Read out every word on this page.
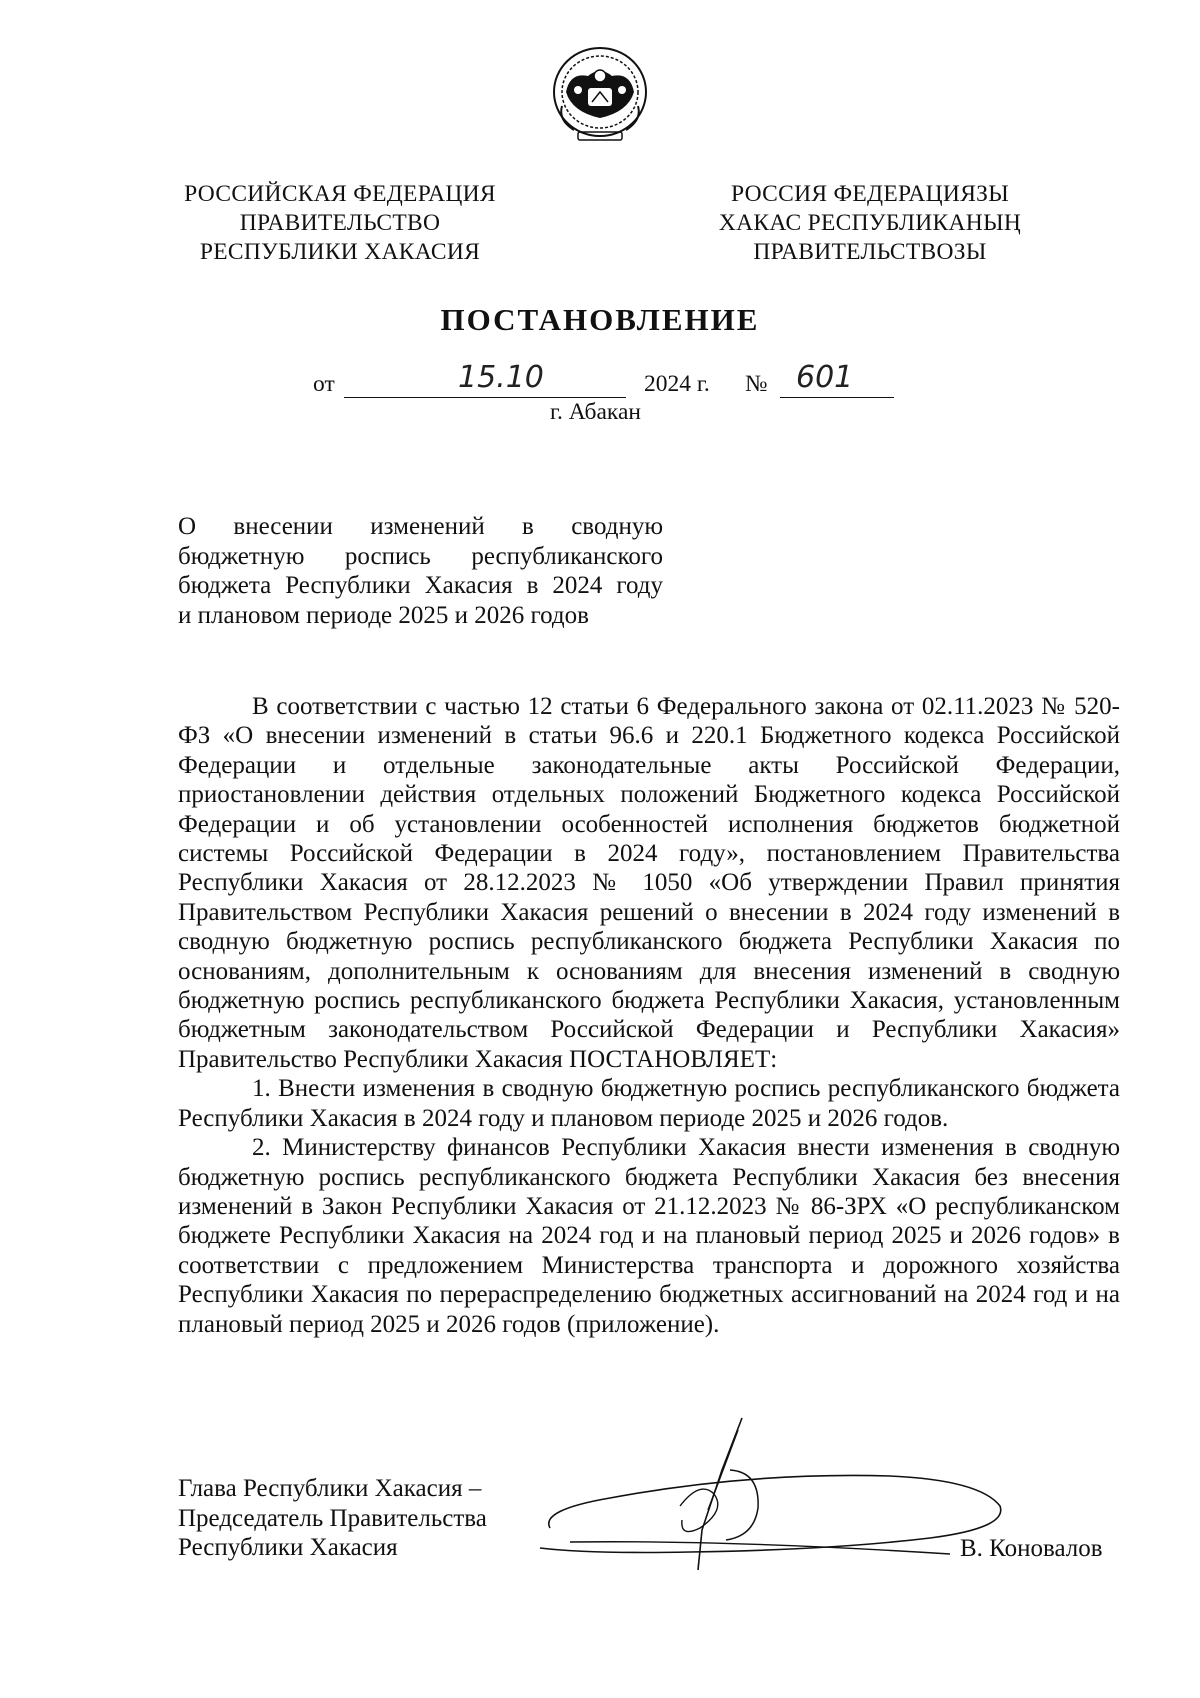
РОССИЙСКАЯ ФЕДЕРАЦИЯ
ПРАВИТЕЛЬСТВО
РЕСПУБЛИКИ ХАКАСИЯ
РОССИЯ ФЕДЕРАЦИЯЗЫ
ХАКАС РЕСПУБЛИКАНЫҢ
ПРАВИТЕЛЬСТВОЗЫ
ПОСТАНОВЛЕНИЕ
от	15.10	2024 г. № 601
г. Абакан
О внесении изменений в сводную
бюджетную роспись республиканского
бюджета Республики Хакасия в 2024 году
и плановом периоде 2025 и 2026 годов

В соответствии с частью 12 статьи 6 Федерального закона от 02.11.2023 № 520-ФЗ «О внесении изменений в статьи 96.6 и 220.1 Бюджетного кодекса Российской Федерации и отдельные законодательные акты Российской Федерации, приостановлении действия отдельных положений Бюджетного кодекса Российской Федерации и об установлении особенностей исполнения бюджетов бюджетной системы Российской Федерации в 2024 году», постановлением Правительства Республики Хакасия от 28.12.2023 № 1050 «Об утверждении Правил принятия Правительством Республики Хакасия решений о внесении в 2024 году изменений в сводную бюджетную роспись республиканского бюджета Республики Хакасия по основаниям, дополнительным к основаниям для внесения изменений в сводную бюджетную роспись республиканского бюджета Республики Хакасия, установленным бюджетным законодательством Российской Федерации и Республики Хакасия» Правительство Республики Хакасия ПОСТАНОВЛЯЕТ:

1. Внести изменения в сводную бюджетную роспись республиканского бюджета Республики Хакасия в 2024 году и плановом периоде 2025 и 2026 годов.

2. Министерству финансов Республики Хакасия внести изменения в сводную бюджетную роспись республиканского бюджета Республики Хакасия без внесения изменений в Закон Республики Хакасия от 21.12.2023 № 86-ЗРХ «О республиканском бюджете Республики Хакасия на 2024 год и на плановый период 2025 и 2026 годов» в соответствии с предложением Министерства транспорта и дорожного хозяйства Республики Хакасия по перераспределению бюджетных ассигнований на 2024 год и на плановый период 2025 и 2026 годов (приложение).

Глава Республики Хакасия –
Председатель Правительства
Республики Хакасия	В. Коновалов
